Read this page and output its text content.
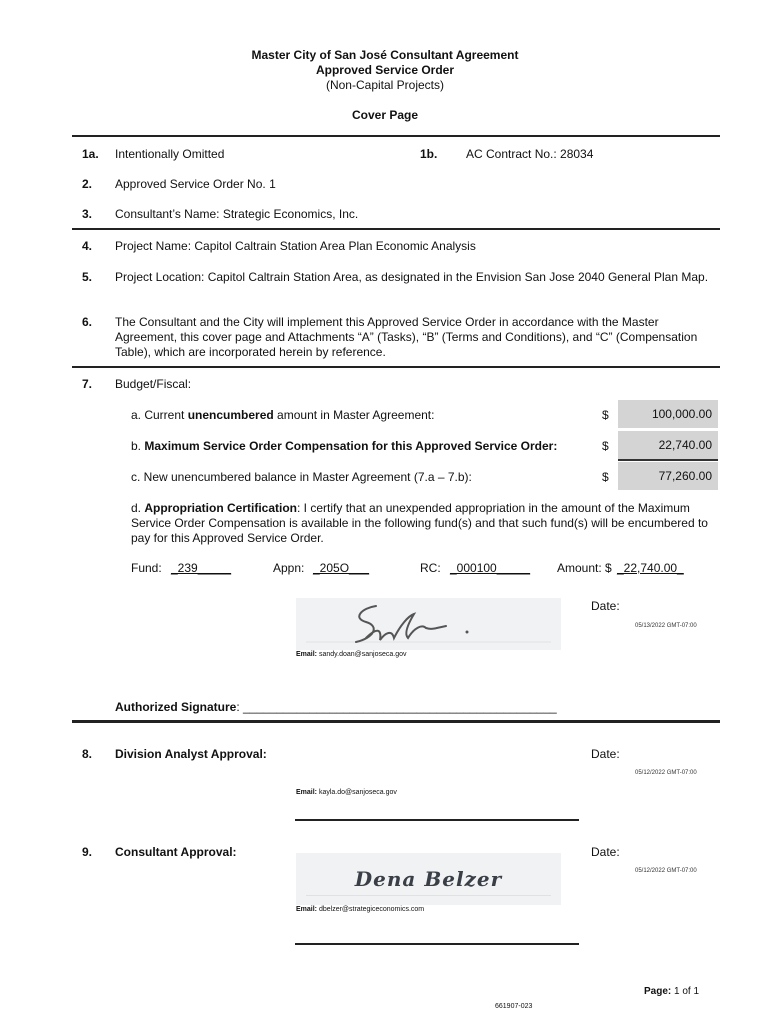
Master City of San José Consultant Agreement
Approved Service Order
(Non-Capital Projects)
Cover Page
1a. Intentionally Omitted	1b. AC Contract No.: 28034
2. Approved Service Order No. 1
3. Consultant’s Name: Strategic Economics, Inc.
4. Project Name: Capitol Caltrain Station Area Plan Economic Analysis
5. Project Location: Capitol Caltrain Station Area, as designated in the Envision San Jose 2040 General Plan Map.
6. The Consultant and the City will implement this Approved Service Order in accordance with the Master Agreement, this cover page and Attachments “A” (Tasks), “B” (Terms and Conditions), and “C” (Compensation Table), which are incorporated herein by reference.
7. Budget/Fiscal:
a. Current unencumbered amount in Master Agreement:	$	100,000.00
b. Maximum Service Order Compensation for this Approved Service Order:	$	22,740.00
c. New unencumbered balance in Master Agreement (7.a – 7.b):	$	77,260.00
d. Appropriation Certification: I certify that an unexpended appropriation in the amount of the Maximum Service Order Compensation is available in the following fund(s) and that such fund(s) will be encumbered to pay for this Approved Service Order.
Fund: _239_____	Appn: _205O___	RC: _000100_____ Amount: $ _22,740.00_
Email: sandy.doan@sanjoseca.gov
Date:
05/13/2022 GMT-07:00
Authorized Signature: _______________________________________________
8. Division Analyst Approval:	Date:
05/12/2022 GMT-07:00
Email: kayla.do@sanjoseca.gov
9. Consultant Approval:	Date:
05/12/2022 GMT-07:00
Dena Belzer
Email: dbelzer@strategiceconomics.com
Page: 1 of 1
661907-023
